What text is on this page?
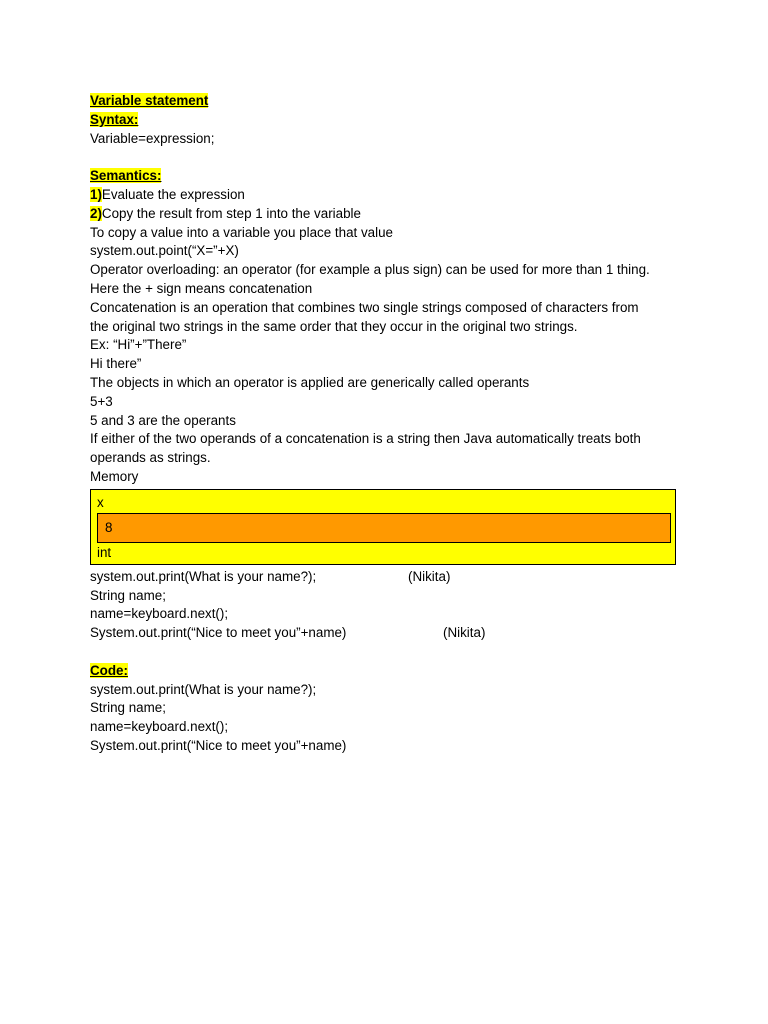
Variable statement
Syntax:
Variable=expression;
Semantics:
1)Evaluate the expression
2)Copy the result from step 1 into the variable
To copy a value into a variable you place that value
system.out.point(“X=”+X)
Operator overloading: an operator (for example a plus sign) can be used for more than 1 thing.
Here the + sign means concatenation
Concatenation is an operation that combines two single strings composed of characters from
the original two strings in the same order that they occur in the original two strings.
Ex: “Hi”+”There”
Hi there”
The objects in which an operator is applied are generically called operants
5+3
5 and 3 are the operants
If either of the two operands of a concatenation is a string then Java automatically treats both
operands as strings.
Memory
x
8
int
system.out.print(What is your name?);	(Nikita)
String name;
name=keyboard.next();
System.out.print(“Nice to meet you”+name)	(Nikita)
Code:
system.out.print(What is your name?);
String name;
name=keyboard.next();
System.out.print(“Nice to meet you”+name)
